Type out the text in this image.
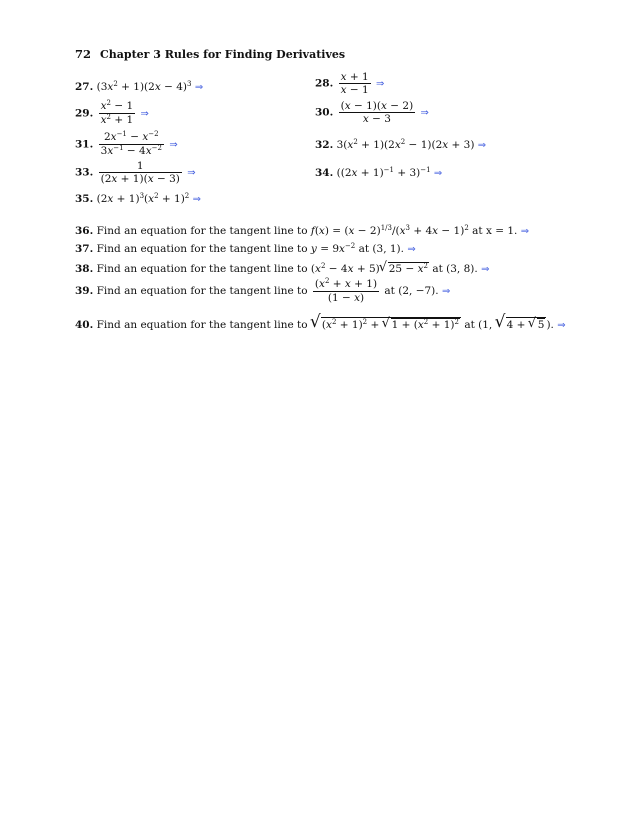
72 Chapter 3 Rules for Finding Derivatives
27. $(3x^2 + 1)(2x - 4)^3$ ⇒	28. $\frac{x + 1}{x - 1}$ ⇒
29. $\frac{x^2 - 1}{x^2 + 1}$ ⇒	30. $\frac{(x - 1)(x - 2)}{x - 3}$ ⇒
31. $\frac{2x^{-1} - x^{-2}}{3x^{-1} - 4x^{-2}}$ ⇒	32. $3(x^2 + 1)(2x^2 - 1)(2x + 3)$ ⇒
33. $\frac{1}{(2x + 1)(x - 3)}$ ⇒	34. $((2x + 1)^{-1} + 3)^{-1}$ ⇒
35. $(2x + 1)^3(x^2 + 1)^2$ ⇒
36. Find an equation for the tangent line to $f(x) = (x - 2)^{1/3}/(x^3 + 4x - 1)^2$ at x = 1. ⇒
37. Find an equation for the tangent line to $y = 9x^{-2}$ at (3, 1). ⇒
38. Find an equation for the tangent line to $(x^2 - 4x + 5)√$ $25 - x^2$ at (3, 8). ⇒
39. Find an equation for the tangent line to $\frac{(x^2 + x + 1)}{(1 - x)}$ at (2, −7). ⇒
40. Find an equation for the tangent line to √ $(x^2 + 1)^2$ + √ $1 + (x^2 + 1)^2$ at (1, √ 4 + √ 5 ). ⇒
